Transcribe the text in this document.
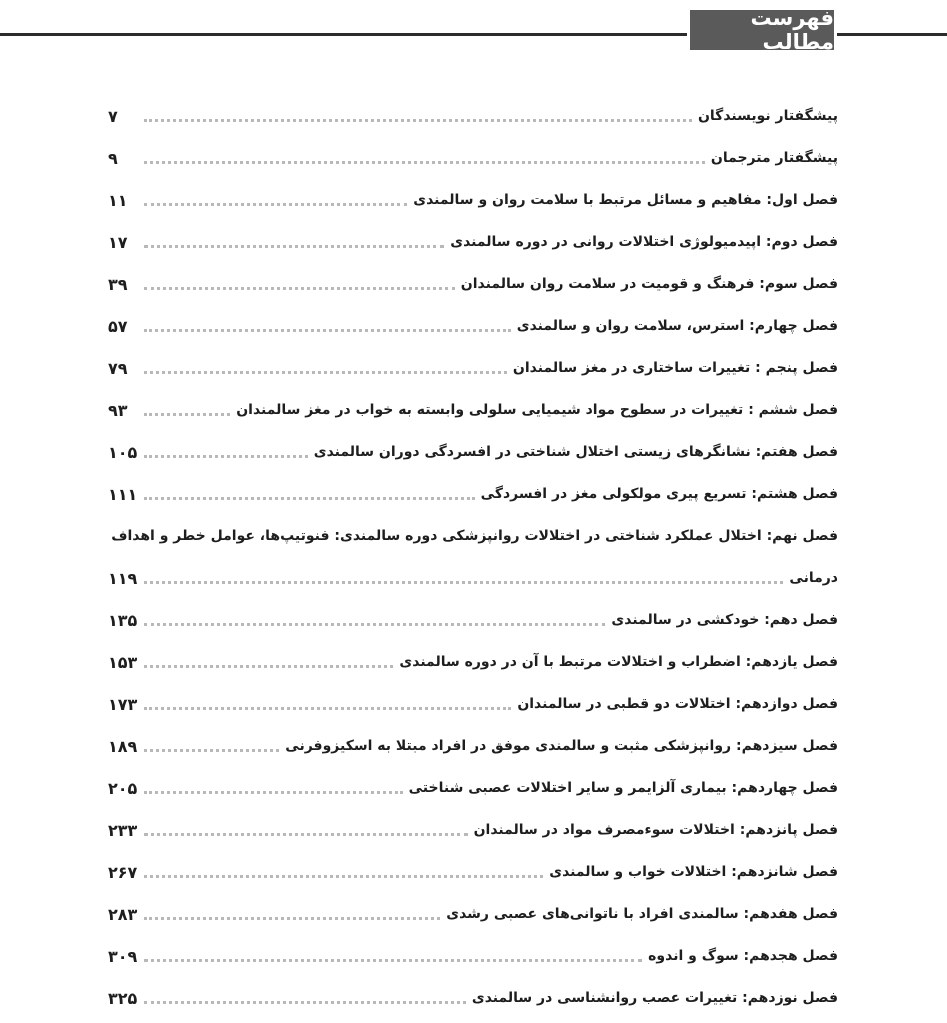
فهرست مطالب
پیشگفتار نویسندگان
۷
پیشگفتار مترجمان
۹
فصل اول: مفاهیم و مسائل مرتبط با سلامت روان و سالمندی
۱۱
فصل دوم: اپیدمیولوژی اختلالات روانی در دوره سالمندی
۱۷
فصل سوم: فرهنگ و قومیت در سلامت روان سالمندان
۳۹
فصل چهارم: استرس، سلامت روان و سالمندی
۵۷
فصل پنجم : تغییرات ساختاری در مغز سالمندان
۷۹
فصل ششم : تغییرات در سطوح مواد شیمیایی سلولی وابسته به خواب در مغز سالمندان
۹۳
فصل هفتم: نشانگرهای زیستی اختلال شناختی در افسردگی دوران سالمندی
۱۰۵
فصل هشتم: تسریع پیری مولکولی مغز در افسردگی
۱۱۱
فصل نهم: اختلال عملکرد شناختی در اختلالات روانپزشکی دوره سالمندی: فنوتیپ‌ها، عوامل خطر و اهداف
درمانی
۱۱۹
فصل دهم: خودکشی در سالمندی
۱۳۵
فصل یازدهم: اضطراب و اختلالات مرتبط با آن در دوره سالمندی
۱۵۳
فصل دوازدهم: اختلالات دو قطبی در سالمندان
۱۷۳
فصل سیزدهم: روانپزشکی مثبت و سالمندی موفق در افراد مبتلا به اسکیزوفرنی
۱۸۹
فصل چهاردهم: بیماری آلزایمر و سایر اختلالات عصبی شناختی
۲۰۵
فصل پانزدهم: اختلالات سوءمصرف مواد در سالمندان
۲۳۳
فصل شانزدهم: اختلالات خواب و سالمندی
۲۶۷
فصل هفدهم: سالمندی افراد با ناتوانی‌های عصبی رشدی
۲۸۳
فصل هجدهم: سوگ و اندوه
۳۰۹
فصل نوزدهم: تغییرات عصب روانشناسی در سالمندی
۳۲۵
